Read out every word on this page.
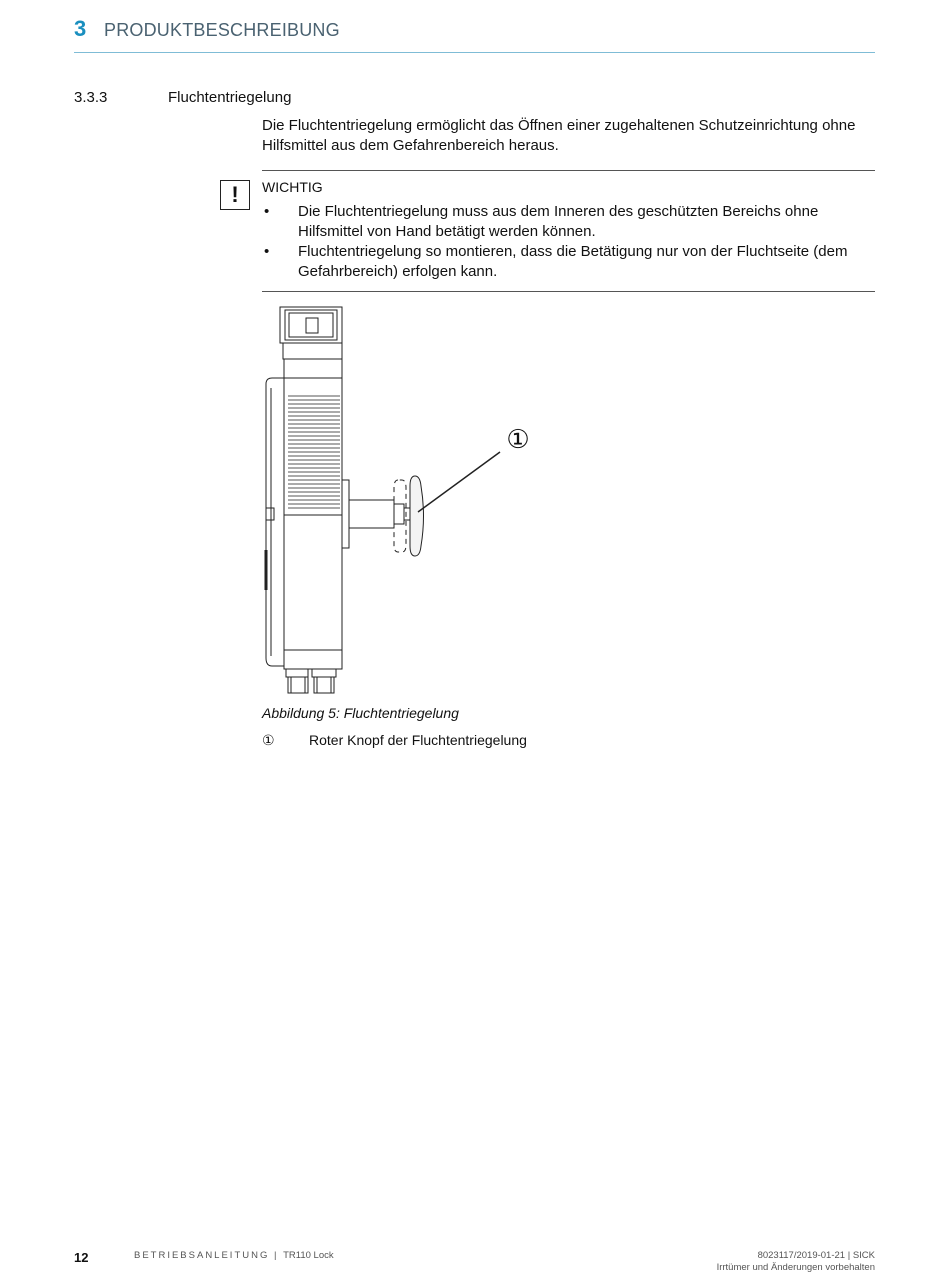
3 PRODUKTBESCHREIBUNG
3.3.3	Fluchtentriegelung

Die Fluchtentriegelung ermöglicht das Öffnen einer zugehaltenen Schutzeinrichtung ohne Hilfsmittel aus dem Gefahrenbereich heraus.

!	WICHTIG
• Die Fluchtentriegelung muss aus dem Inneren des geschützten Bereichs ohne Hilfsmittel von Hand betätigt werden können.
• Fluchtentriegelung so montieren, dass die Betätigung nur von der Fluchtseite (dem Gefahrbereich) erfolgen kann.
①
Abbildung 5: Fluchtentriegelung
① Roter Knopf der Fluchtentriegelung
12	BETRIEBSANLEITUNG | TR110 Lock	8023117/2019-01-21 | SICK
Irrtümer und Änderungen vorbehalten
